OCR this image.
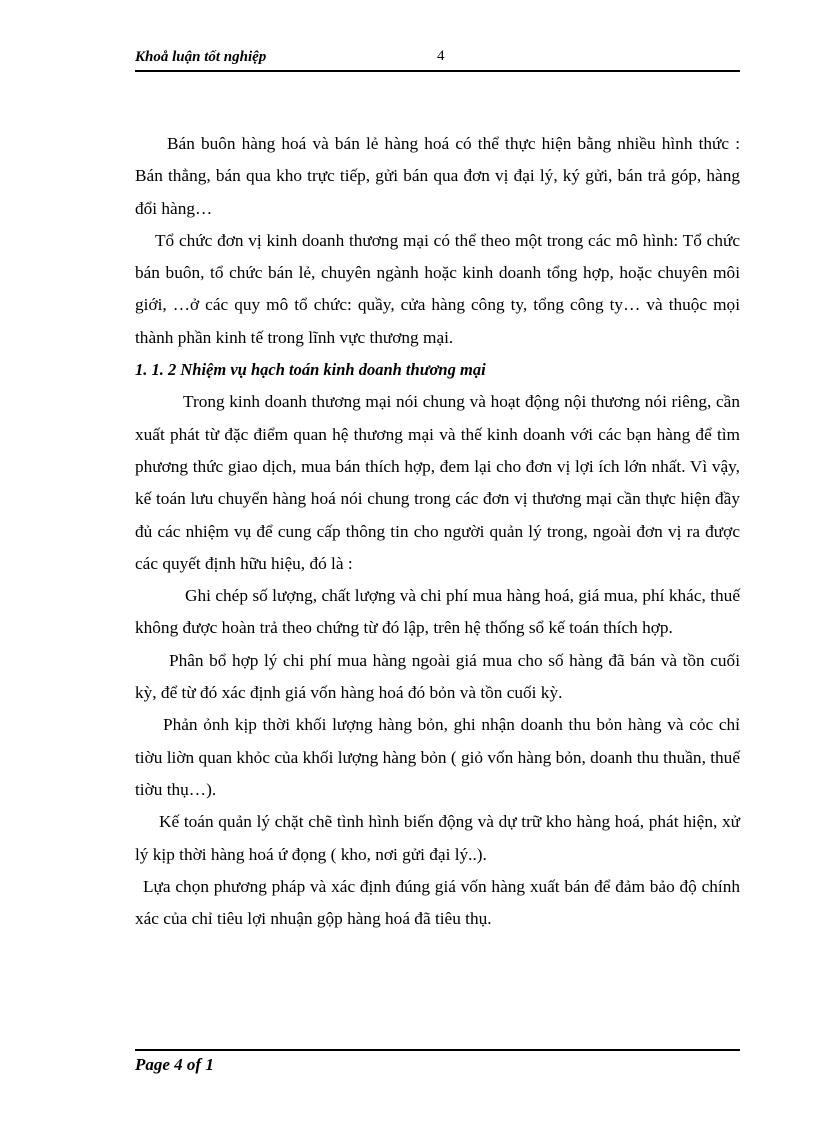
Khoå luận tốt nghiệp	4

Bán buôn hàng hoá và bán lẻ hàng hoá có thể thực hiện bằng nhiều hình thức : Bán thẳng, bán qua kho trực tiếp, gửi bán qua đơn vị đại lý, ký gửi, bán trả góp, hàng đổi hàng…

Tổ chức đơn vị kinh doanh thương mại có thể theo một trong các mô hình: Tổ chức bán buôn, tổ chức bán lẻ, chuyên ngành hoặc kinh doanh tổng hợp, hoặc chuyên môi giới, …ở các quy mô tổ chức: quầy, cửa hàng công ty, tổng công ty… và thuộc mọi thành phần kinh tế trong lĩnh vực thương mại.

1. 1. 2 Nhiệm vụ hạch toán kinh doanh thương mại

Trong kinh doanh thương mại nói chung và hoạt động nội thương nói riêng, cần xuất phát từ đặc điểm quan hệ thương mại và thế kinh doanh với các bạn hàng để tìm phương thức giao dịch, mua bán thích hợp, đem lại cho đơn vị lợi ích lớn nhất. Vì vậy, kế toán lưu chuyển hàng hoá nói chung trong các đơn vị thương mại cần thực hiện đầy đủ các nhiệm vụ để cung cấp thông tin cho người quản lý trong, ngoài đơn vị ra được các quyết định hữu hiệu, đó là :

Ghi chép số lượng, chất lượng và chi phí mua hàng hoá, giá mua, phí khác, thuế không được hoàn trả theo chứng từ đó lập, trên hệ thống sổ kế toán thích hợp.

Phân bổ hợp lý chi phí mua hàng ngoài giá mua cho số hàng đã bán và tồn cuối kỳ, để từ đó xác định giá vốn hàng hoá đó bỏn và tồn cuối kỳ.

Phản ỏnh kịp thời khối lượng hàng bỏn, ghi nhận doanh thu bỏn hàng và cỏc chỉ tiờu liờn quan khỏc của khối lượng hàng bỏn ( giỏ vốn hàng bỏn, doanh thu thuần, thuế tiờu thụ…).

Kế toán quản lý chặt chẽ tình hình biến động và dự trữ kho hàng hoá, phát hiện, xử lý kịp thời hàng hoá ứ đọng ( kho, nơi gửi đại lý..).

Lựa chọn phương pháp và xác định đúng giá vốn hàng xuất bán để đảm bảo độ chính xác của chỉ tiêu lợi nhuận gộp hàng hoá đã tiêu thụ.

Page 4 of 1
